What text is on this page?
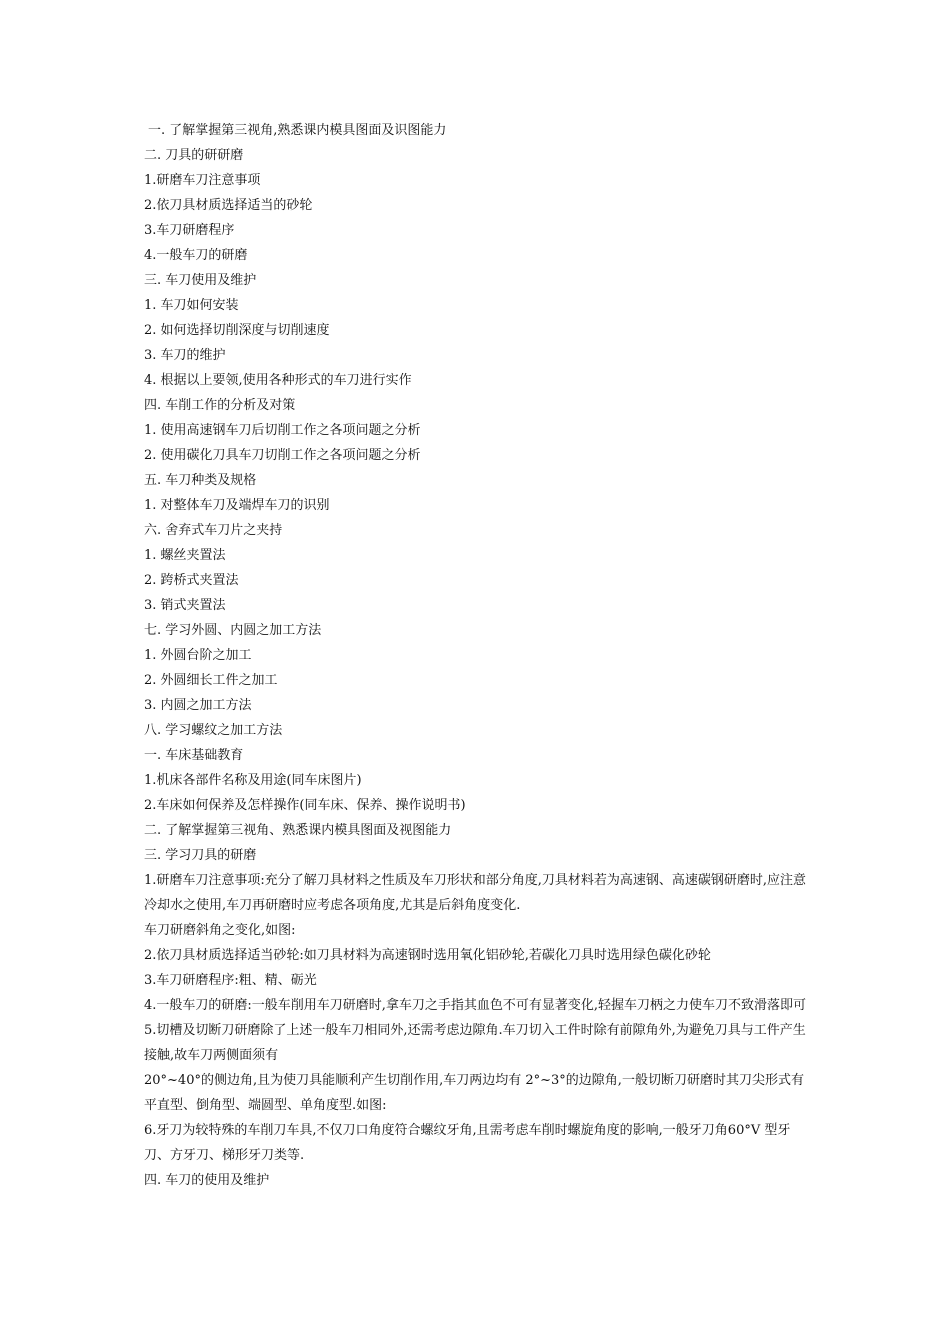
一. 了解掌握第三视角,熟悉课内模具图面及识图能力

二. 刀具的研研磨

1.研磨车刀注意事项

2.依刀具材质选择适当的砂轮

3.车刀研磨程序

4.一般车刀的研磨

三. 车刀使用及维护

1. 车刀如何安装

2. 如何选择切削深度与切削速度

3. 车刀的维护

4. 根据以上要领,使用各种形式的车刀进行实作

四. 车削工作的分析及对策

1. 使用高速钢车刀后切削工作之各项问题之分析

2. 使用碳化刀具车刀切削工作之各项问题之分析

五. 车刀种类及规格

1. 对整体车刀及端焊车刀的识别

六. 舍弃式车刀片之夹持

1. 螺丝夹置法

2. 跨桥式夹置法

3. 销式夹置法

七. 学习外圆、内圆之加工方法

1. 外圆台阶之加工

2. 外圆细长工件之加工

3. 内圆之加工方法

八. 学习螺纹之加工方法

一. 车床基础教育

1.机床各部件名称及用途(同车床图片)

2.车床如何保养及怎样操作(同车床、保养、操作说明书)

二. 了解掌握第三视角、熟悉课内模具图面及视图能力

三. 学习刀具的研磨

1.研磨车刀注意事项:充分了解刀具材料之性质及车刀形状和部分角度,刀具材料若为高速钢、高速碳钢研磨时,应注意冷却水之使用,车刀再研磨时应考虑各项角度,尤其是后斜角度变化.

车刀研磨斜角之变化,如图:

2.依刀具材质选择适当砂轮:如刀具材料为高速钢时选用氧化铝砂轮,若碳化刀具时选用绿色碳化砂轮

3.车刀研磨程序:粗、精、砺光

4.一般车刀的研磨:一般车削用车刀研磨时,拿车刀之手指其血色不可有显著变化,轻握车刀柄之力使车刀不致滑落即可

5.切槽及切断刀研磨除了上述一般车刀相同外,还需考虑边隙角.车刀切入工件时除有前隙角外,为避免刀具与工件产生接触,故车刀两侧面须有

20°~40°的侧边角,且为使刀具能顺利产生切削作用,车刀两边均有 2°~3°的边隙角,一般切断刀研磨时其刀尖形式有平直型、倒角型、端圆型、单角度型.如图:

6.牙刀为较特殊的车削刀车具,不仅刀口角度符合螺纹牙角,且需考虑车削时螺旋角度的影响,一般牙刀角60°V 型牙刀、方牙刀、梯形牙刀类等.

四. 车刀的使用及维护
